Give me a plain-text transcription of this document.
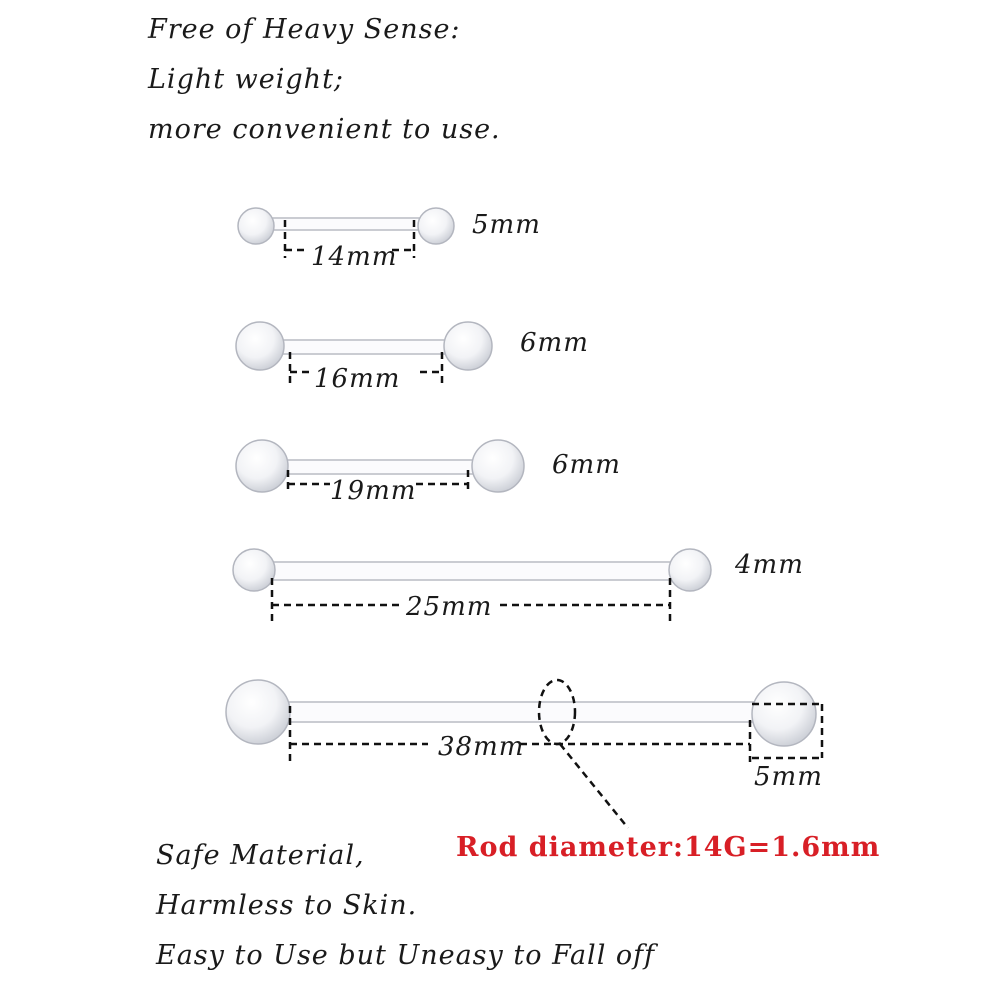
Free of Heavy Sense:
Light weight;
more convenient to use.
14mm
5mm
16mm
6mm
19mm
6mm
25mm
4mm
38mm
5mm
Rod diameter:14G=1.6mm
Safe Material,
Harmless to Skin.
Easy to Use but Uneasy to Fall off
